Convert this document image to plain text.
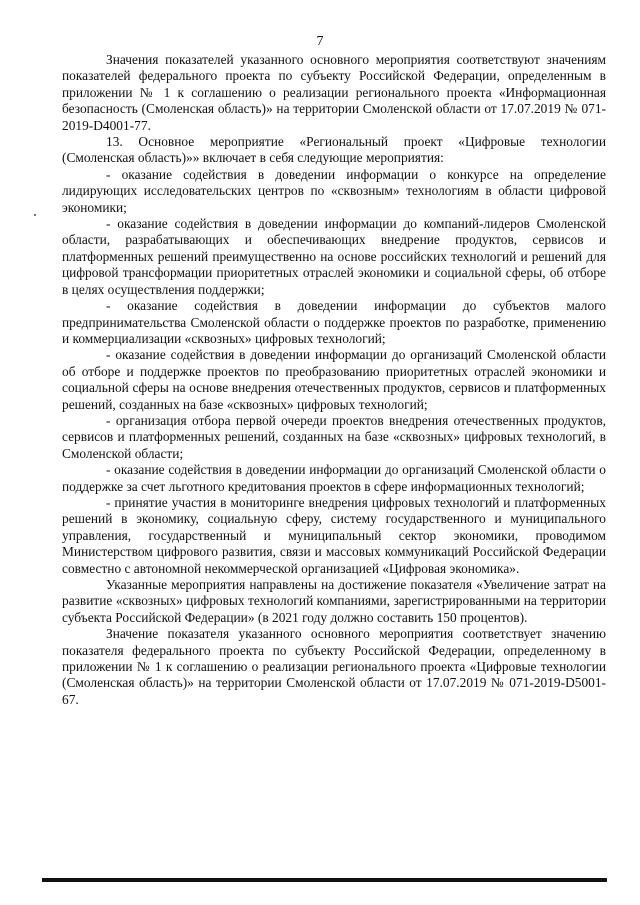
7

Значения показателей указанного основного мероприятия соответствуют значениям показателей федерального проекта по субъекту Российской Федерации, определенным в приложении № 1 к соглашению о реализации регионального проекта «Информационная безопасность (Смоленская область)» на территории Смоленской области от 17.07.2019 № 071-2019-D4001-77.

13. Основное мероприятие «Региональный проект «Цифровые технологии (Смоленская область)»» включает в себя следующие мероприятия:

- оказание содействия в доведении информации о конкурсе на определение лидирующих исследовательских центров по «сквозным» технологиям в области цифровой экономики;

- оказание содействия в доведении информации до компаний-лидеров Смоленской области, разрабатывающих и обеспечивающих внедрение продуктов, сервисов и платформенных решений преимущественно на основе российских технологий и решений для цифровой трансформации приоритетных отраслей экономики и социальной сферы, об отборе в целях осуществления поддержки;

- оказание содействия в доведении информации до субъектов малого предпринимательства Смоленской области о поддержке проектов по разработке, применению и коммерциализации «сквозных» цифровых технологий;

- оказание содействия в доведении информации до организаций Смоленской области об отборе и поддержке проектов по преобразованию приоритетных отраслей экономики и социальной сферы на основе внедрения отечественных продуктов, сервисов и платформенных решений, созданных на базе «сквозных» цифровых технологий;

- организация отбора первой очереди проектов внедрения отечественных продуктов, сервисов и платформенных решений, созданных на базе «сквозных» цифровых технологий, в Смоленской области;

- оказание содействия в доведении информации до организаций Смоленской области о поддержке за счет льготного кредитования проектов в сфере информационных технологий;

- принятие участия в мониторинге внедрения цифровых технологий и платформенных решений в экономику, социальную сферу, систему государственного и муниципального управления, государственный и муниципальный сектор экономики, проводимом Министерством цифрового развития, связи и массовых коммуникаций Российской Федерации совместно с автономной некоммерческой организацией «Цифровая экономика».

Указанные мероприятия направлены на достижение показателя «Увеличение затрат на развитие «сквозных» цифровых технологий компаниями, зарегистрированными на территории субъекта Российской Федерации» (в 2021 году должно составить 150 процентов).

Значение показателя указанного основного мероприятия соответствует значению показателя федерального проекта по субъекту Российской Федерации, определенному в приложении № 1 к соглашению о реализации регионального проекта «Цифровые технологии (Смоленская область)» на территории Смоленской области от 17.07.2019 № 071-2019-D5001-67.
